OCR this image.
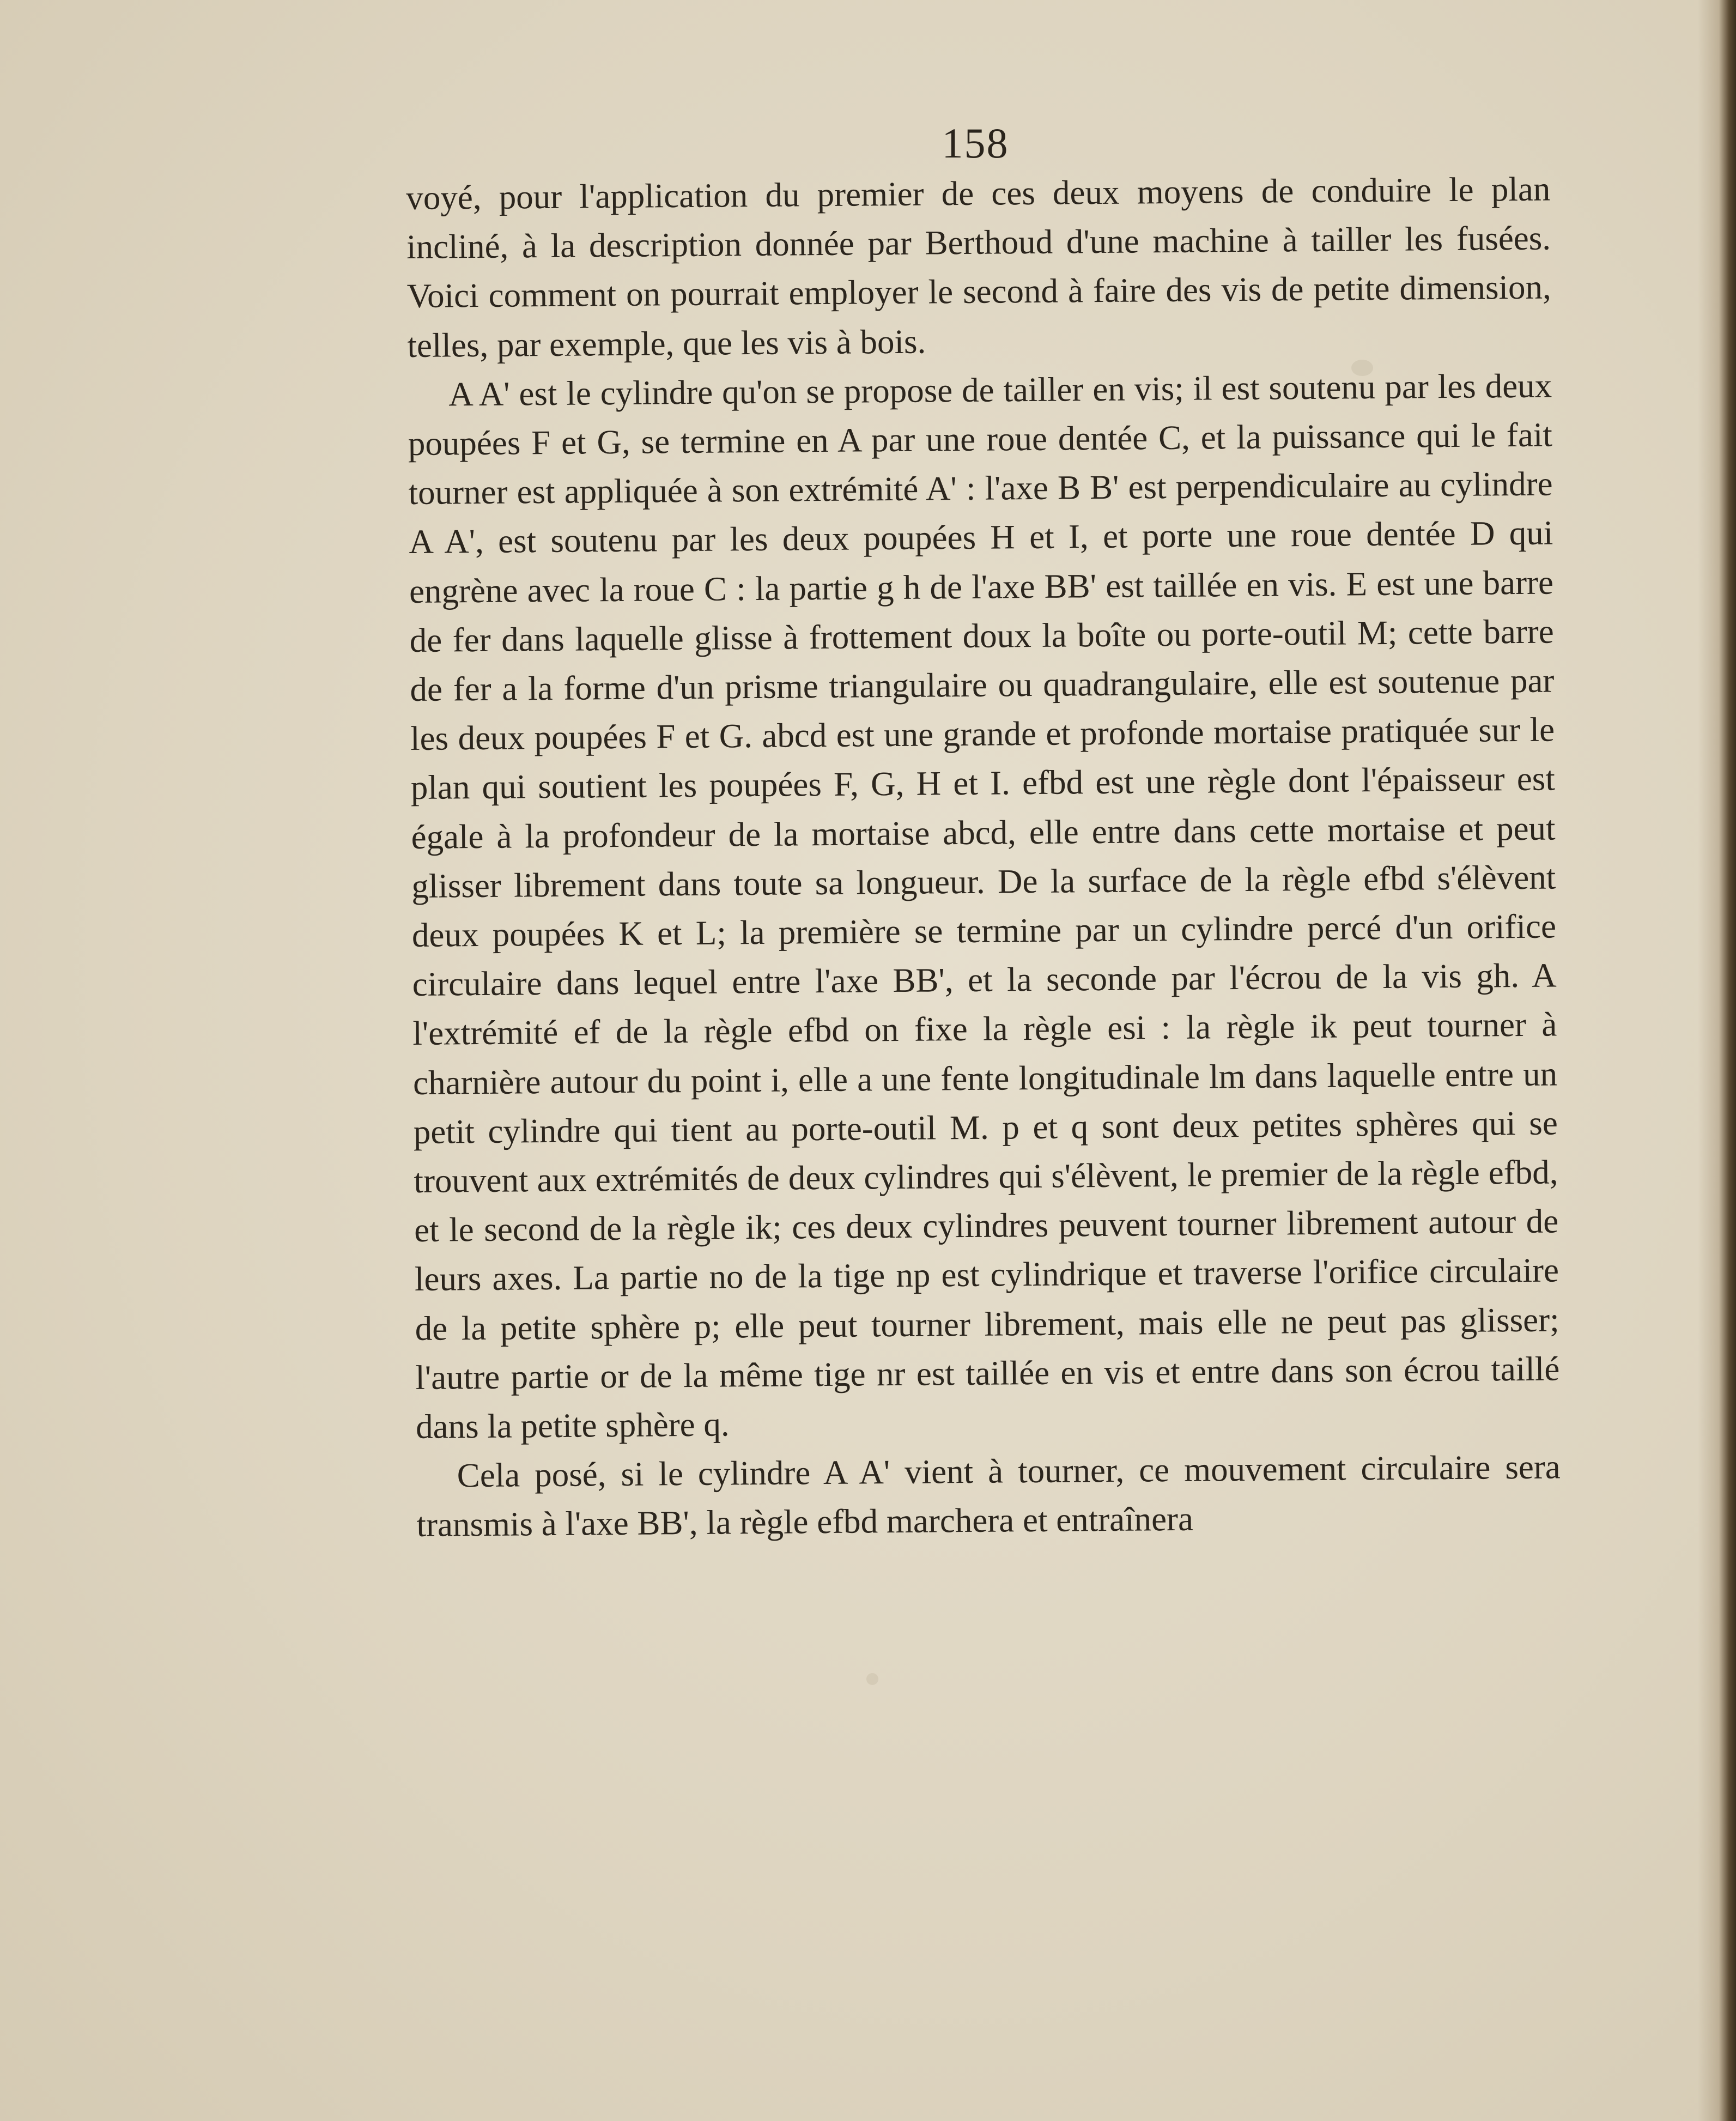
158

voyé, pour l'application du premier de ces deux moyens de conduire le plan incliné, à la description donnée par Berthoud d'une machine à tailler les fusées. Voici comment on pourrait employer le second à faire des vis de petite dimension, telles, par exemple, que les vis à bois.

A A' est le cylindre qu'on se propose de tailler en vis; il est soutenu par les deux poupées F et G, se termine en A par une roue dentée C, et la puissance qui le fait tourner est appliquée à son extrémité A' : l'axe B B' est perpendiculaire au cylindre A A', est soutenu par les deux poupées H et I, et porte une roue dentée D qui engrène avec la roue C : la partie g h de l'axe BB' est taillée en vis. E est une barre de fer dans laquelle glisse à frottement doux la boîte ou porte-outil M; cette barre de fer a la forme d'un prisme triangulaire ou quadrangulaire, elle est soutenue par les deux poupées F et G. abcd est une grande et profonde mortaise pratiquée sur le plan qui soutient les poupées F, G, H et I. efbd est une règle dont l'épaisseur est égale à la profondeur de la mortaise abcd, elle entre dans cette mortaise et peut glisser librement dans toute sa longueur. De la surface de la règle efbd s'élèvent deux poupées K et L; la première se termine par un cylindre percé d'un orifice circulaire dans lequel entre l'axe BB', et la seconde par l'écrou de la vis gh. A l'extrémité ef de la règle efbd on fixe la règle esi : la règle ik peut tourner à charnière autour du point i, elle a une fente longitudinale lm dans laquelle entre un petit cylindre qui tient au porte-outil M. p et q sont deux petites sphères qui se trouvent aux extrémités de deux cylindres qui s'élèvent, le premier de la règle efbd, et le second de la règle ik; ces deux cylindres peuvent tourner librement autour de leurs axes. La partie no de la tige np est cylindrique et traverse l'orifice circulaire de la petite sphère p; elle peut tourner librement, mais elle ne peut pas glisser; l'autre partie or de la même tige nr est taillée en vis et entre dans son écrou taillé dans la petite sphère q.

Cela posé, si le cylindre A A' vient à tourner, ce mouvement circulaire sera transmis à l'axe BB', la règle efbd marchera et entraînera
